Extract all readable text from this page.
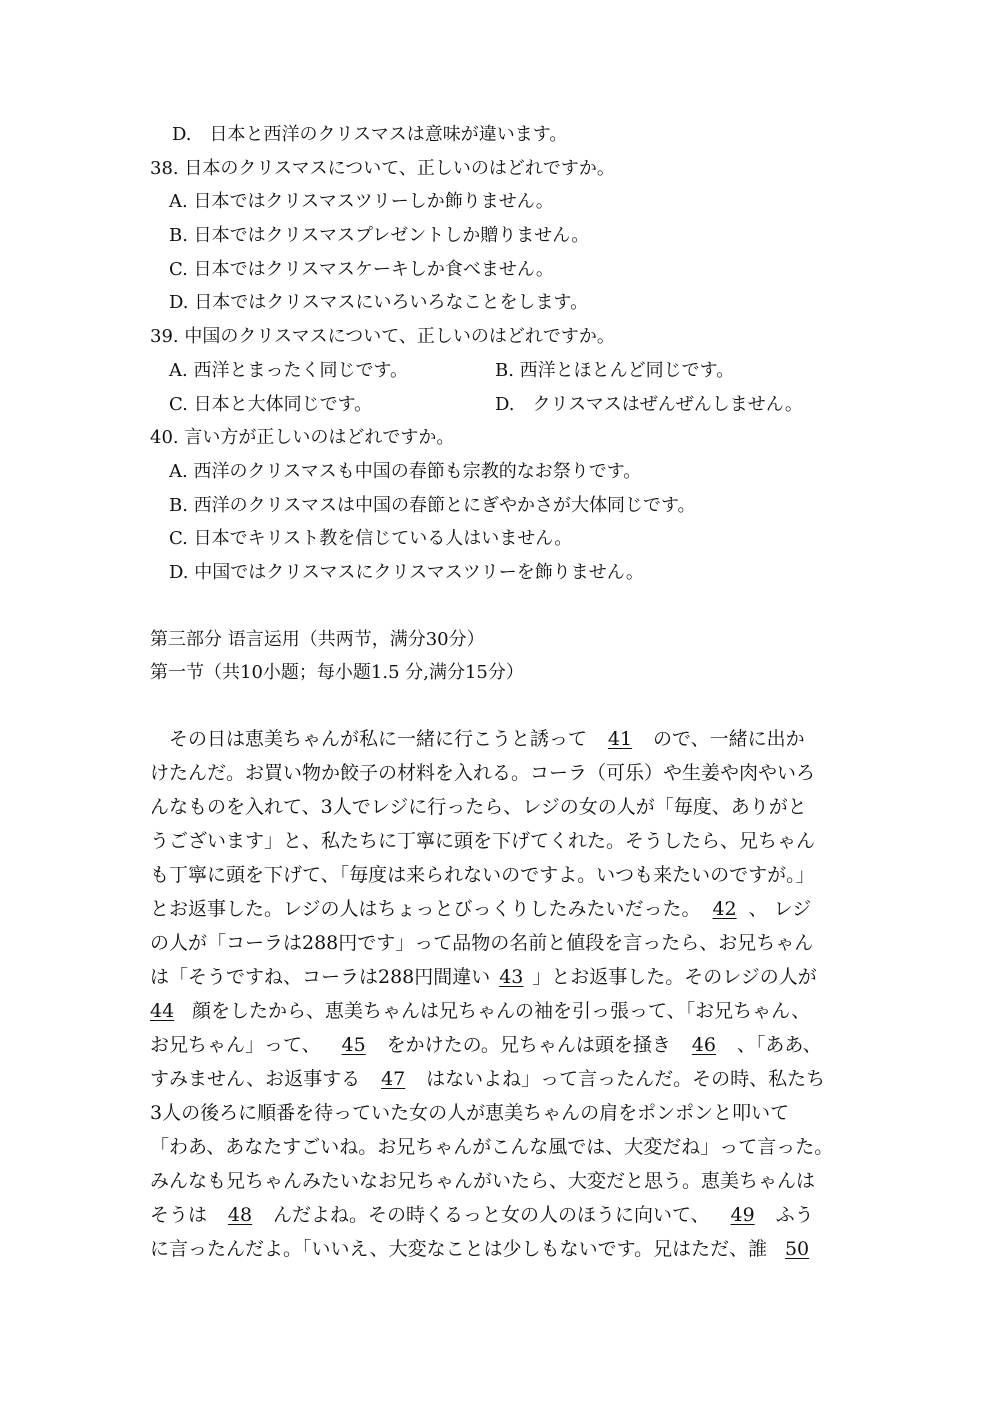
D.　日本と西洋のクリスマスは意味が違います。
38. 日本のクリスマスについて、正しいのはどれですか。
A. 日本ではクリスマスツリーしか飾りません。
B. 日本ではクリスマスプレゼントしか贈りません。
C. 日本ではクリスマスケーキしか食べません。
D. 日本ではクリスマスにいろいろなことをします。
39. 中国のクリスマスについて、正しいのはどれですか。
A. 西洋とまったく同じです。	B. 西洋とほとんど同じです。
C. 日本と大体同じです。	D.　クリスマスはぜんぜんしません。
40. 言い方が正しいのはどれですか。
A. 西洋のクリスマスも中国の春節も宗教的なお祭りです。
B. 西洋のクリスマスは中国の春節とにぎやかさが大体同じです。
C. 日本でキリスト教を信じている人はいません。
D. 中国ではクリスマスにクリスマスツリーを飾りません。
第三部分 语言运用（共两节，满分30分）
第一节（共10小题；每小题1.5 分,满分15分）
　その日は恵美ちゃんが私に一緒に行こうと誘って 41 ので、一緒に出か
けたんだ。お買い物か餃子の材料を入れる。コーラ（可乐）や生姜や肉やいろ
んなものを入れて、3人でレジに行ったら、レジの女の人が「毎度、ありがと
うございます」と、私たちに丁寧に頭を下げてくれた。そうしたら、兄ちゃん
も丁寧に頭を下げて、「毎度は来られないのですよ。いつも来たいのですが。」
とお返事した。レジの人はちょっとびっくりしたみたいだった。 42 、 レジ
の人が「コーラは288円です」って品物の名前と値段を言ったら、お兄ちゃん
は「そうですね、コーラは288円間違い 43 」とお返事した。そのレジの人が
44 顔をしたから、恵美ちゃんは兄ちゃんの袖を引っ張って、「お兄ちゃん、
お兄ちゃん」って、 45 をかけたの。兄ちゃんは頭を掻き 46 、「ああ、
すみません、お返事する 47 はないよね」って言ったんだ。その時、私たち
3人の後ろに順番を待っていた女の人が恵美ちゃんの肩をポンポンと叩いて
「わあ、あなたすごいね。お兄ちゃんがこんな風では、大変だね」って言った。
みんなも兄ちゃんみたいなお兄ちゃんがいたら、大変だと思う。恵美ちゃんは
そうは 48 んだよね。その時くるっと女の人のほうに向いて、 49 ふう
に言ったんだよ。「いいえ、大変なことは少しもないです。兄はただ、誰 50
